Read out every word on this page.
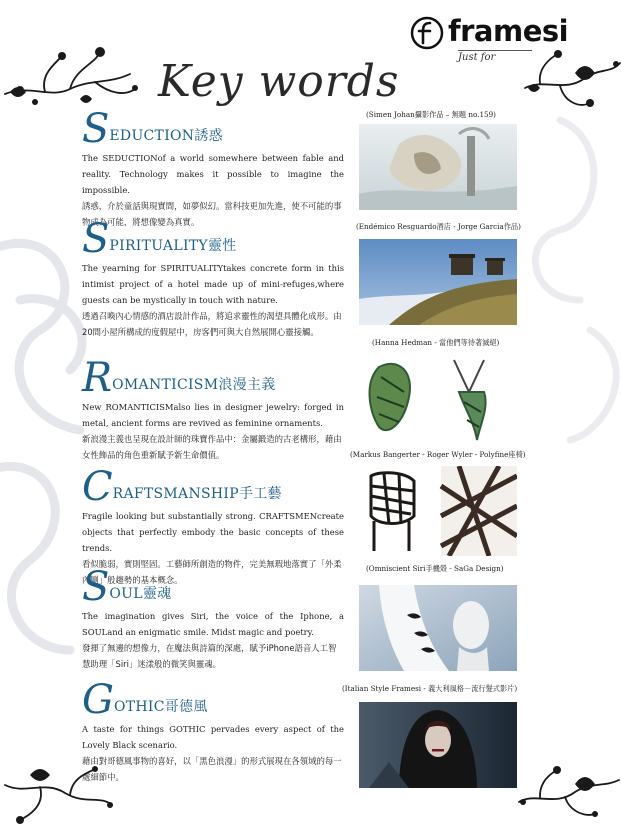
framesi
Just for
Key words
SEDUCTION誘惑
The SEDUCTIONof a world somewhere between fable and reality. Technology makes it possible to imagine the impossible.
誘惑，介於童話與現實間，如夢似幻。當科技更加先進，使不可能的事物成為可能，將想像變為真實。
SPIRITUALITY靈性
The yearning for SPIRITUALITYtakes concrete form in this intimist project of a hotel made up of mini-refuges,where guests can be mystically in touch with nature.
透過召喚內心情感的酒店設計作品，將追求靈性的渴望具體化成形。由20間小屋所構成的度假屋中，房客們可與大自然展開心靈接觸。
ROMANTICISM浪漫主義
New ROMANTICISMalso lies in designer jewelry: forged in metal, ancient forms are revived as feminine ornaments.
新浪漫主義也呈現在設計師的珠寶作品中：金屬鍛造的古老構形，藉由女性飾品的角色重新賦予新生命價值。
CRAFTSMANSHIP手工藝
Fragile looking but substantially strong. CRAFTSMENcreate objects that perfectly embody the basic concepts of these trends.
看似脆弱，實則堅固。工藝師所創造的物件，完美無瑕地落實了「外柔內剛」般趨勢的基本概念。
SOUL靈魂
The imagination gives Siri, the voice of the Iphone, a SOULand an enigmatic smile. Midst magic and poetry.
發揮了無邊的想像力，在魔法與詩篇的深處，賦予iPhone語音人工智慧助理「Siri」迷漾般的微笑與靈魂。
GOTHIC哥德風
A taste for things GOTHIC pervades every aspect of the Lovely Black scenario.
藉由對哥德風事物的喜好，以「黑色浪漫」的形式展現在各領域的每一處細節中。
(Simen Johan攝影作品 – 無題 no.159)
(Endémico Resguardo酒店 - Jorge Garcia作品)
(Hanna Hedman - 當他們等待著滅絕)
(Markus Bangerter - Roger Wyler - Polyfine座椅)
(Omniscient Siri手機殼 - SaGa Design)
(Italian Style Framesi - 義大利風格－流行髮式影片)
